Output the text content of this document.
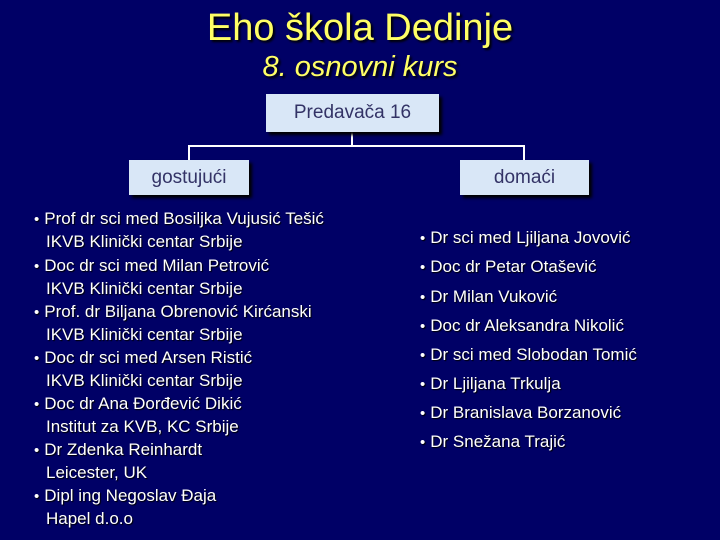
Eho škola Dedinje
8. osnovni kurs
Predavača 16
gostujući	domaći
• Prof dr sci med Bosiljka Vujusić Tešić
IKVB Klinički centar Srbije
• Doc dr sci med Milan Petrović
IKVB Klinički centar Srbije
• Prof. dr Biljana Obrenović Kirćanski
IKVB Klinički centar Srbije
• Doc dr sci med Arsen Ristić
IKVB Klinički centar Srbije
• Doc dr Ana Đorđević Dikić
Institut za KVB, KC Srbije
• Dr Zdenka Reinhardt
Leicester, UK
• Dipl ing Negoslav Đaja
Hapel d.o.o
• Dr sci med Ljiljana Jovović
• Doc dr Petar Otašević
• Dr Milan Vuković
• Doc dr Aleksandra Nikolić
• Dr sci med Slobodan Tomić
• Dr Ljiljana Trkulja
• Dr Branislava Borzanović
• Dr Snežana Trajić
